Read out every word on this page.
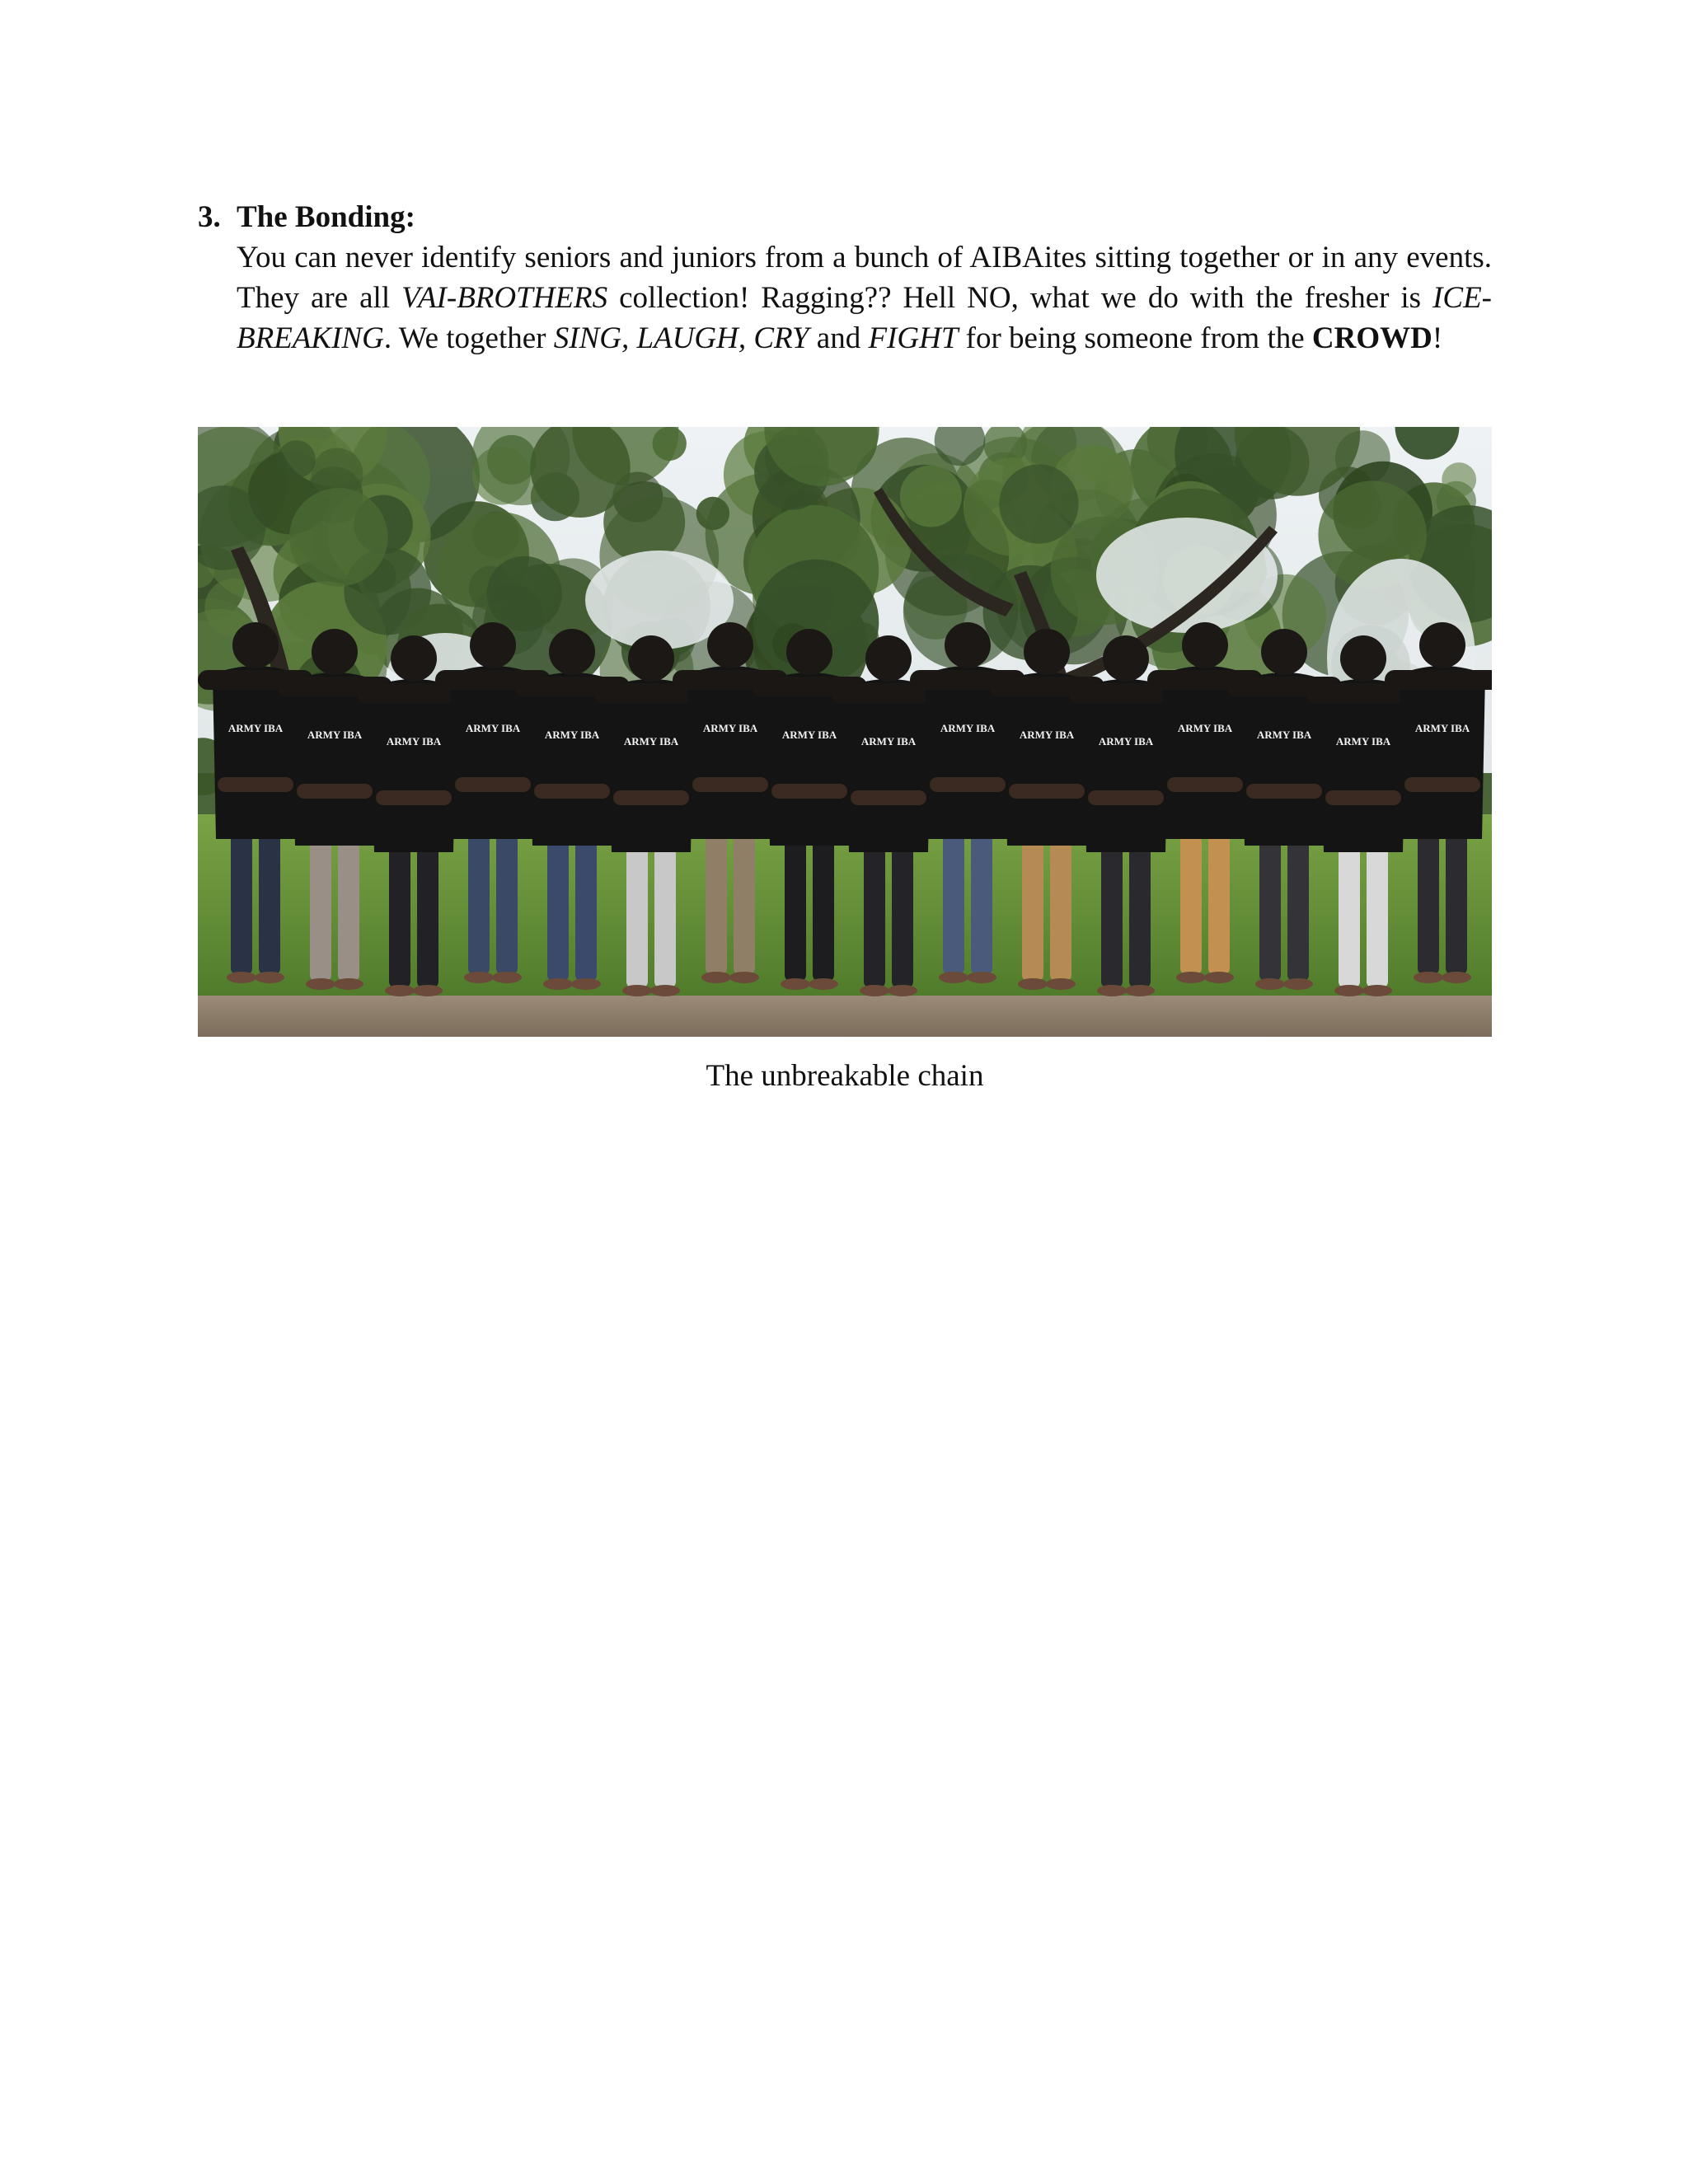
3. The Bonding:
You can never identify seniors and juniors from a bunch of AIBAites sitting together or in any events. They are all VAI-BROTHERS collection! Ragging?? Hell NO, what we do with the fresher is ICE-BREAKING. We together SING, LAUGH, CRY and FIGHT for being someone from the CROWD!
ARMY IBA
ARMY IBA
ARMY IBA
ARMY IBA
ARMY IBA
ARMY IBA
ARMY IBA
ARMY IBA
ARMY IBA
ARMY IBA
ARMY IBA
ARMY IBA
ARMY IBA
ARMY IBA
ARMY IBA
ARMY IBA
The unbreakable chain
